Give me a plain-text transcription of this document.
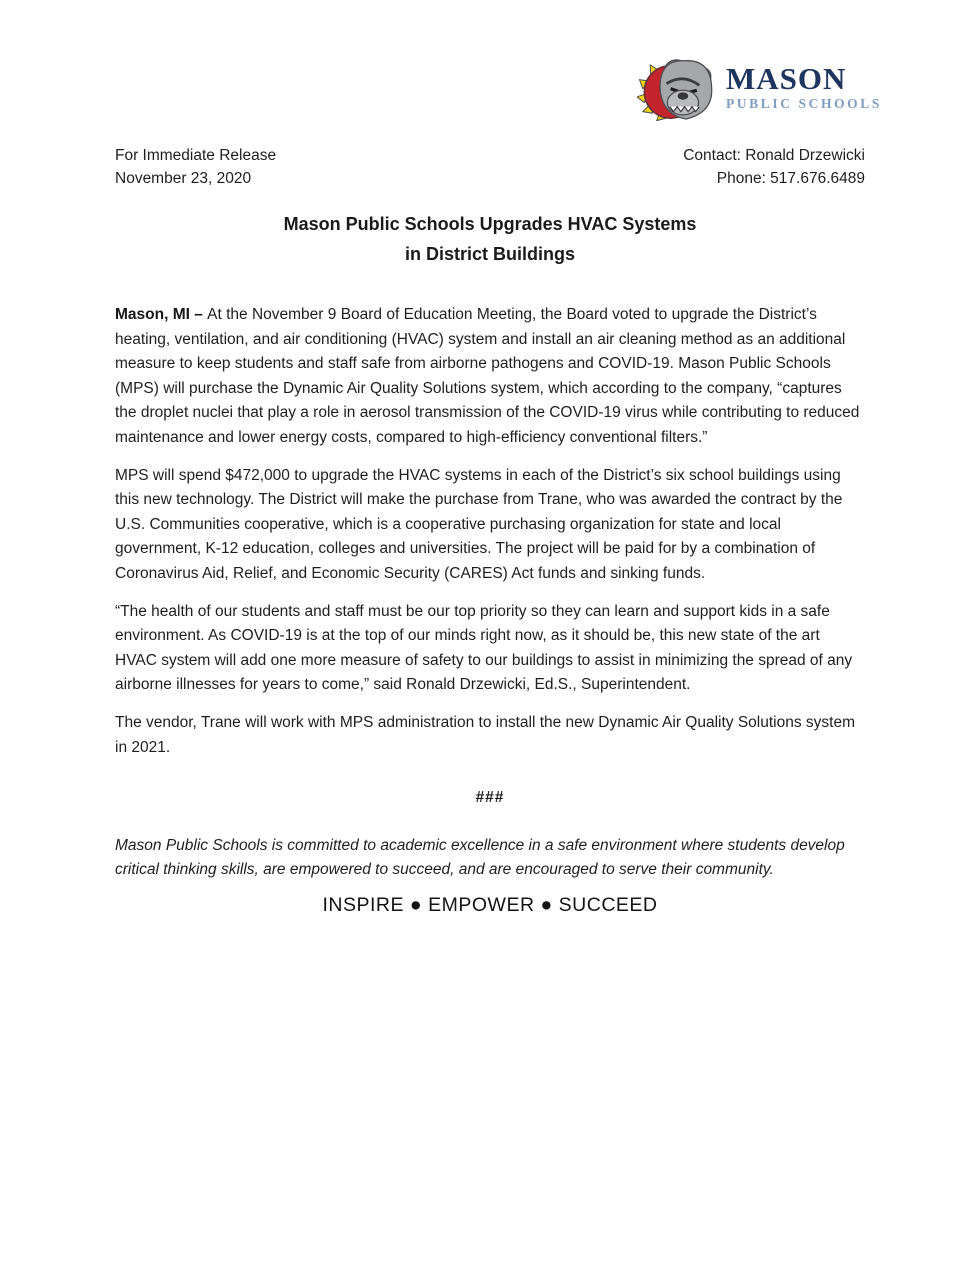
MASON
PUBLIC SCHOOLS
For Immediate Release
November 23, 2020
Contact: Ronald Drzewicki
Phone: 517.676.6489
Mason Public Schools Upgrades HVAC Systems
in District Buildings

Mason, MI – At the November 9 Board of Education Meeting, the Board voted to upgrade the District’s heating, ventilation, and air conditioning (HVAC) system and install an air cleaning method as an additional measure to keep students and staff safe from airborne pathogens and COVID-19. Mason Public Schools (MPS) will purchase the Dynamic Air Quality Solutions system, which according to the company, “captures the droplet nuclei that play a role in aerosol transmission of the COVID-19 virus while contributing to reduced maintenance and lower energy costs, compared to high-efficiency conventional filters.”

MPS will spend $472,000 to upgrade the HVAC systems in each of the District’s six school buildings using this new technology. The District will make the purchase from Trane, who was awarded the contract by the U.S. Communities cooperative, which is a cooperative purchasing organization for state and local government, K-12 education, colleges and universities. The project will be paid for by a combination of Coronavirus Aid, Relief, and Economic Security (CARES) Act funds and sinking funds.

“The health of our students and staff must be our top priority so they can learn and support kids in a safe environment. As COVID-19 is at the top of our minds right now, as it should be, this new state of the art HVAC system will add one more measure of safety to our buildings to assist in minimizing the spread of any airborne illnesses for years to come,” said Ronald Drzewicki, Ed.S., Superintendent.

The vendor, Trane will work with MPS administration to install the new Dynamic Air Quality Solutions system in 2021.

###

Mason Public Schools is committed to academic excellence in a safe environment where students develop critical thinking skills, are empowered to succeed, and are encouraged to serve their community.

INSPIRE ● EMPOWER ● SUCCEED
